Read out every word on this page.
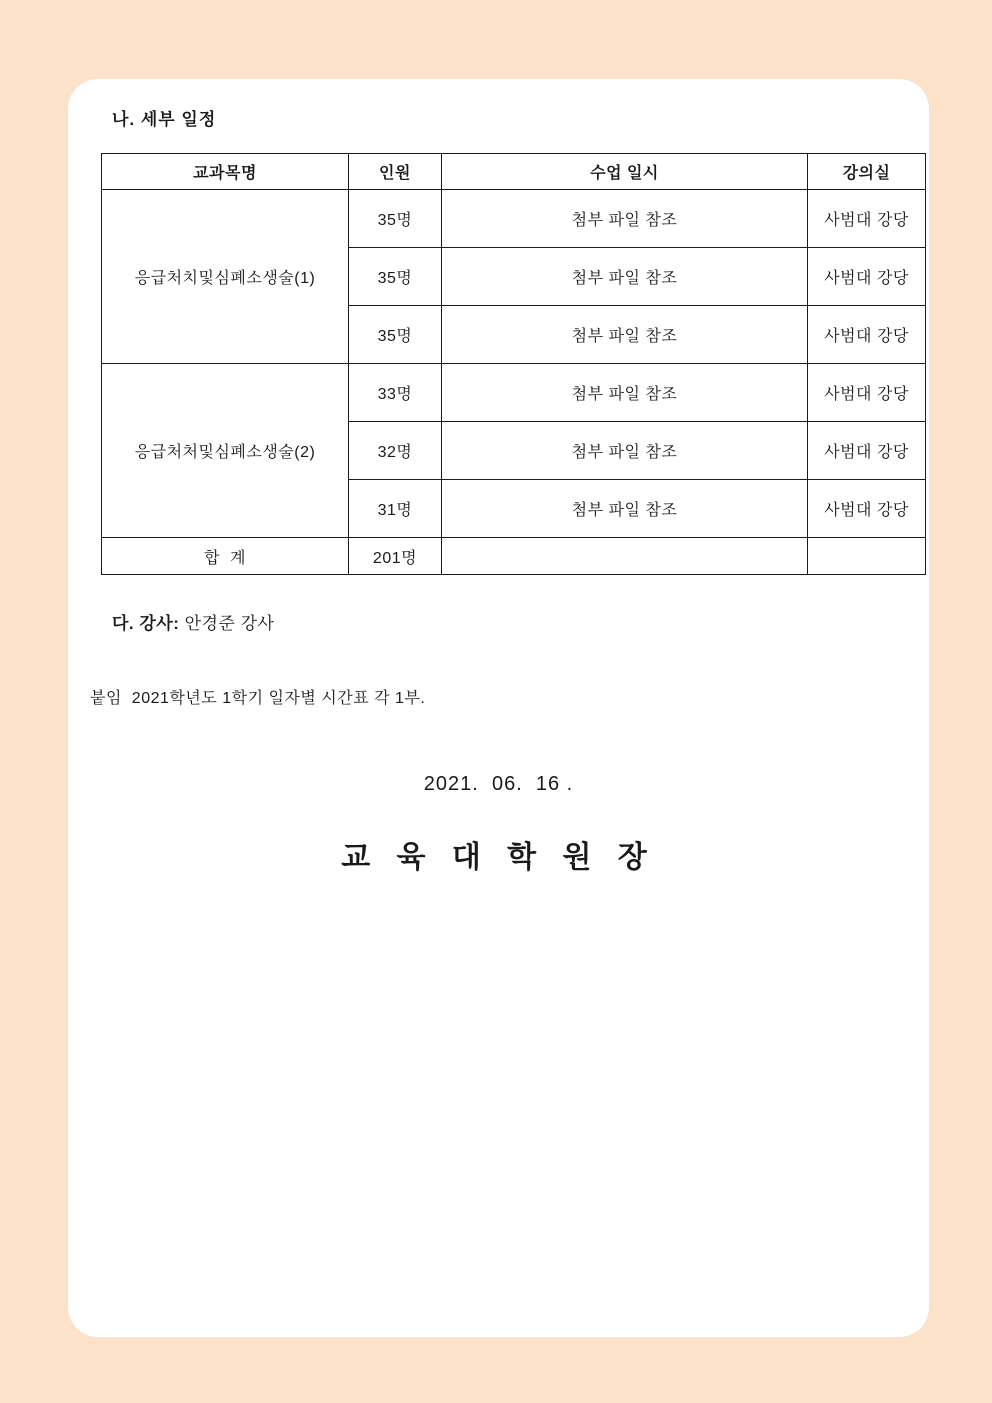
나. 세부 일정
교과목명	인원	수업 일시	강의실
응급처치및심폐소생술(1)	35명	첨부 파일 참조	사범대 강당
	35명	첨부 파일 참조	사범대 강당
	35명	첨부 파일 참조	사범대 강당
응급처처및심폐소생술(2)	33명	첨부 파일 참조	사범대 강당
	32명	첨부 파일 참조	사범대 강당
	31명	첨부 파일 참조	사범대 강당
합  계	201명		

다. 강사: 안경준 강사

붙임  2021학년도 1학기 일자별 시간표 각 1부.

2021.  06.  16 .

교 육 대 학 원 장
